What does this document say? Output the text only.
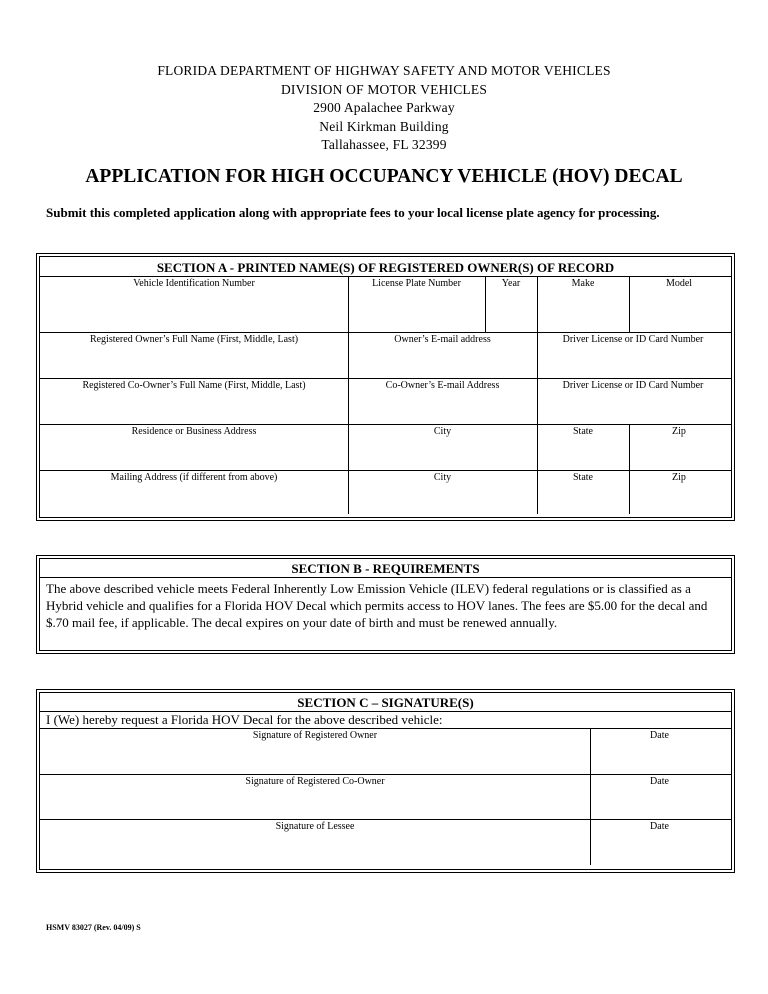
FLORIDA DEPARTMENT OF HIGHWAY SAFETY AND MOTOR VEHICLES
DIVISION OF MOTOR VEHICLES
2900 Apalachee Parkway
Neil Kirkman Building
Tallahassee, FL 32399
APPLICATION FOR HIGH OCCUPANCY VEHICLE (HOV) DECAL
Submit this completed application along with appropriate fees to your local license plate agency for processing.
SECTION A - PRINTED NAME(S) OF REGISTERED OWNER(S) OF RECORD
Vehicle Identification Number	License Plate Number	Year	Make	Model
Registered Owner’s Full Name (First, Middle, Last)	Owner’s E-mail address	Driver License or ID Card Number
Registered Co-Owner’s Full Name (First, Middle, Last)	Co-Owner’s E-mail Address	Driver License or ID Card Number
Residence or Business Address	City	State	Zip
Mailing Address (if different from above)	City	State	Zip
SECTION B - REQUIREMENTS
The above described vehicle meets Federal Inherently Low Emission Vehicle (ILEV) federal regulations or is classified as a Hybrid vehicle and qualifies for a Florida HOV Decal which permits access to HOV lanes. The fees are $5.00 for the decal and $.70 mail fee, if applicable. The decal expires on your date of birth and must be renewed annually.
SECTION C – SIGNATURE(S)
I (We) hereby request a Florida HOV Decal for the above described vehicle:
Signature of Registered Owner	Date
Signature of Registered Co-Owner	Date
Signature of Lessee	Date
HSMV 83027 (Rev. 04/09) S
